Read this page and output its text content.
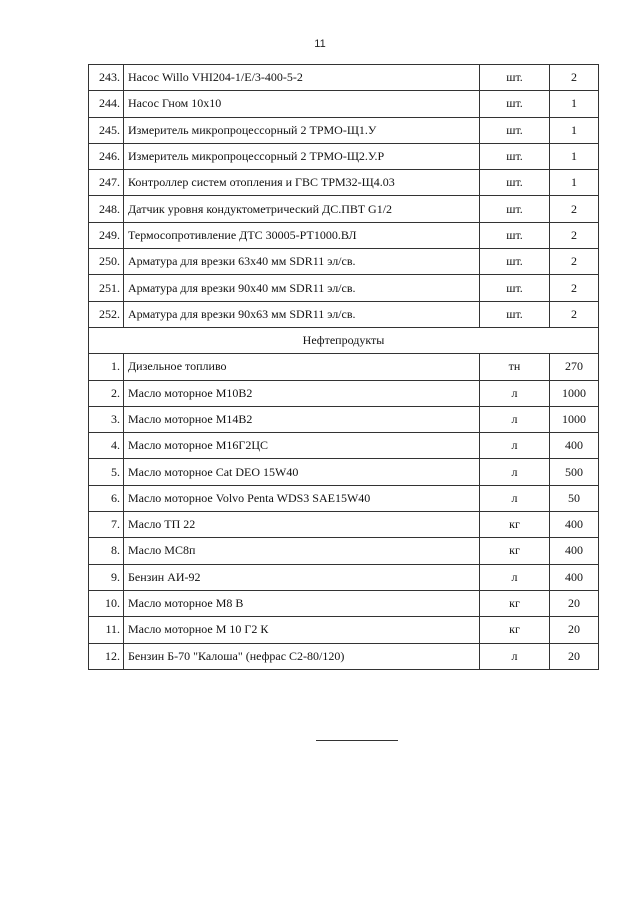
11
243.	Насос Willo VHI204-1/E/3-400-5-2	шт.	2
244.	Насос Гном 10х10	шт.	1
245.	Измеритель микропроцессорный 2 ТРМО-Щ1.У	шт.	1
246.	Измеритель микропроцессорный 2 ТРМО-Щ2.У.Р	шт.	1
247.	Контроллер систем отопления и ГВС ТРМ32-Щ4.03	шт.	1
248.	Датчик уровня кондуктометрический ДС.ПВТ G1/2	шт.	2
249.	Термосопротивление ДТС 30005-РТ1000.ВЛ	шт.	2
250.	Арматура для врезки 63х40 мм SDR11 эл/св.	шт.	2
251.	Арматура для врезки 90х40 мм SDR11 эл/св.	шт.	2
252.	Арматура для врезки 90х63 мм SDR11 эл/св.	шт.	2
Нефтепродукты			
1.	Дизельное топливо	тн	270
2.	Масло моторное М10В2	л	1000
3.	Масло моторное М14В2	л	1000
4.	Масло моторное М16Г2ЦС	л	400
5.	Масло моторное Cat DEO 15W40	л	500
6.	Масло моторное Volvo Penta WDS3 SAE15W40	л	50
7.	Масло ТП 22	кг	400
8.	Масло МС8п	кг	400
9.	Бензин АИ-92	л	400
10.	Масло моторное М8 В	кг	20
11.	Масло моторное М 10 Г2 К	кг	20
12.	Бензин Б-70 "Калоша" (нефрас С2-80/120)	л	20
